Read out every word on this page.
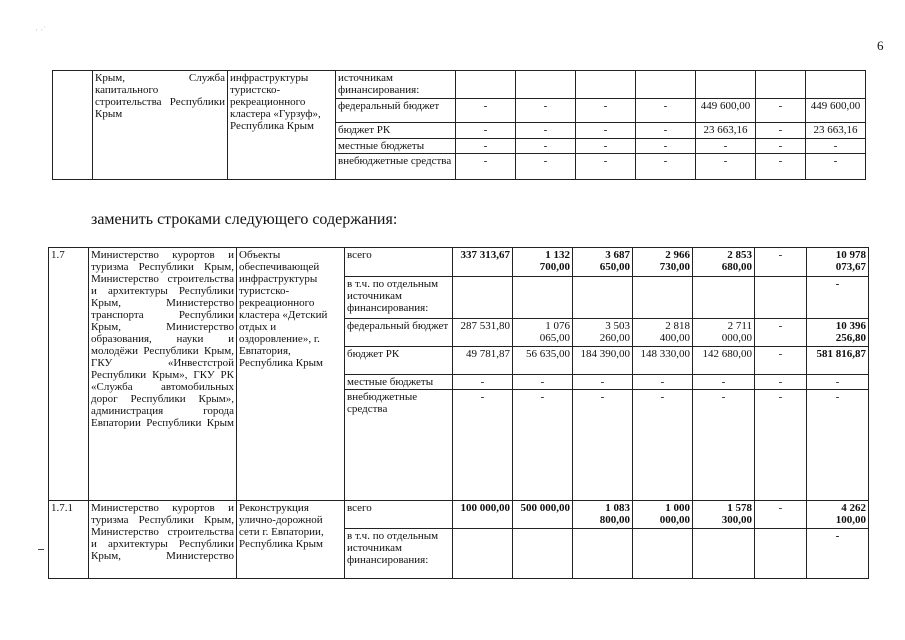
· ·˙
6
	Крым, Служба капитального строительства Республики Крым	инфраструктуры туристско-рекреационного кластера «Гурзуф», Республика Крым	источникам финансирования:							
			федеральный бюджет	-	-	-	-	449 600,00	-	449 600,00
			бюджет РК	-	-	-	-	23 663,16	-	23 663,16
			местные бюджеты	-	-	-	-	-	-	-
			внебюджетные средства	-	-	-	-	-	-	-
заменить строками следующего содержания:
1.7	Министерство курортов и туризма Республики Крым, Министерство строительства и архитектуры Республики Крым, Министерство транспорта Республики Крым, Министерство образования, науки и молодёжи Республики Крым, ГКУ «Инвестстрой Республики Крым», ГКУ РК «Служба автомобильных дорог Республики Крым», администрация города Евпатории Республики Крым	Объекты обеспечивающей инфраструктуры туристско-рекреационного кластера «Детский отдых и оздоровление», г. Евпатория, Республика Крым	всего	337 313,67	1 132 700,00	3 687 650,00	2 966 730,00	2 853 680,00	-	10 978 073,67
			в т.ч. по отдельным источникам финансирования:							-
			федеральный бюджет	287 531,80	1 076 065,00	3 503 260,00	2 818 400,00	2 711 000,00	-	10 396 256,80
			бюджет РК	49 781,87	56 635,00	184 390,00	148 330,00	142 680,00	-	581 816,87
			местные бюджеты	-	-	-	-	-	-	-
			внебюджетные средства	-	-	-	-	-	-	-
1.7.1	Министерство курортов и туризма Республики Крым, Министерство строительства и архитектуры Республики Крым, Министерство	Реконструкция улично-дорожной сети г. Евпатории, Республика Крым	всего	100 000,00	500 000,00	1 083 800,00	1 000 000,00	1 578 300,00	-	4 262 100,00
			в т.ч. по отдельным источникам финансирования:							-
